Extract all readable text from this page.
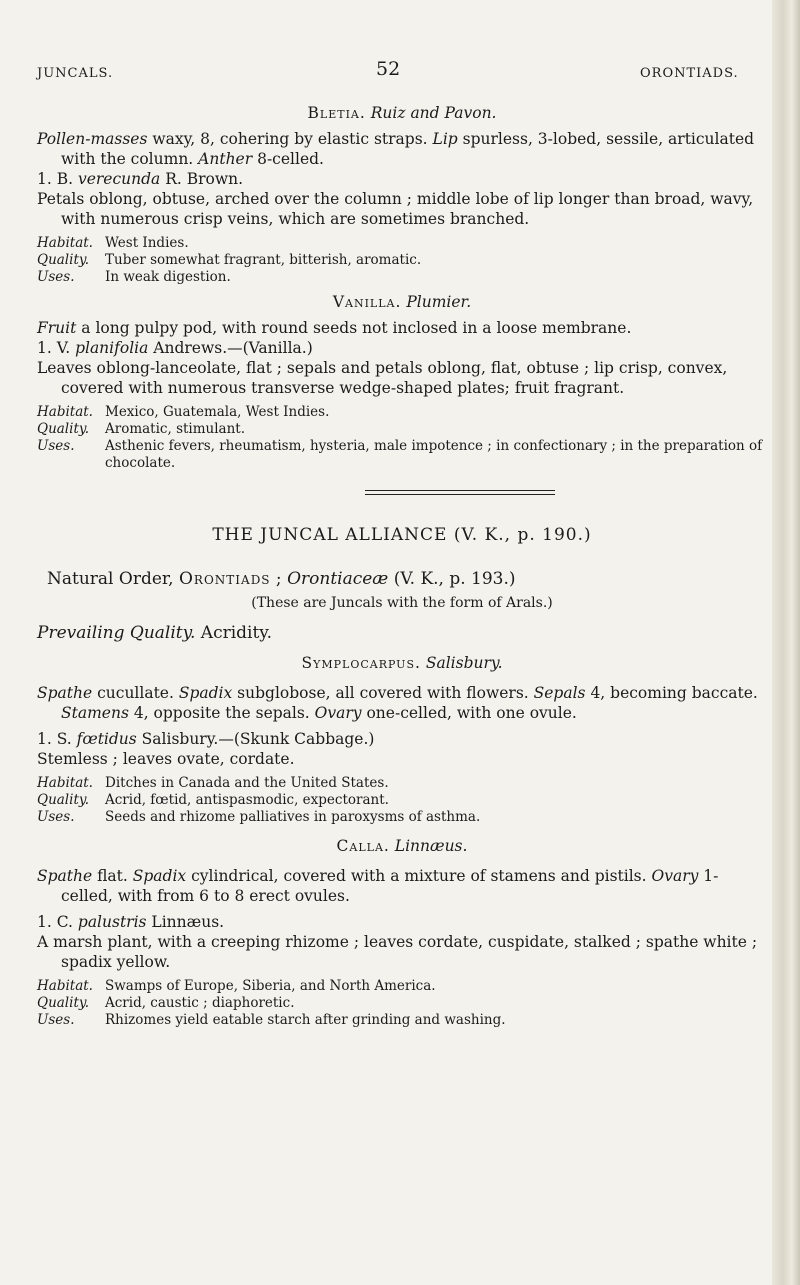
JUNCALS.	52	ORONTIADS.
Bletia. Ruiz and Pavon.

Pollen-masses waxy, 8, cohering by elastic straps. Lip spurless, 3-lobed, sessile, articulated with the column. Anther 8-celled.

1. B. verecunda R. Brown.

Petals oblong, obtuse, arched over the column ; middle lobe of lip longer than broad, wavy, with numerous crisp veins, which are sometimes branched.

Habitat. West Indies.
Quality.	Tuber somewhat fragrant, bitterish, aromatic.
Uses.	In weak digestion.
Vanilla. Plumier.

Fruit a long pulpy pod, with round seeds not inclosed in a loose membrane.

1. V. planifolia Andrews.—(Vanilla.)

Leaves oblong-lanceolate, flat ; sepals and petals oblong, flat, obtuse ; lip crisp, convex, covered with numerous transverse wedge-shaped plates; fruit fragrant.

Habitat. Mexico, Guatemala, West Indies.
Quality.	Aromatic, stimulant.
Uses.	Asthenic fevers, rheumatism, hysteria, male impotence ; in confectionary ; in the preparation of chocolate.
THE JUNCAL ALLIANCE (V. K., p. 190.)
Natural Order, Orontiads ; Orontiaceæ (V. K., p. 193.)
(These are Juncals with the form of Arals.)
Prevailing Quality. Acridity.
Symplocarpus. Salisbury.

Spathe cucullate. Spadix subglobose, all covered with flowers. Sepals 4, becoming baccate. Stamens 4, opposite the sepals. Ovary one-celled, with one ovule.

1. S. fœtidus Salisbury.—(Skunk Cabbage.)

Stemless ; leaves ovate, cordate.

Habitat. Ditches in Canada and the United States.
Quality.	Acrid, fœtid, antispasmodic, expectorant.
Uses.	Seeds and rhizome palliatives in paroxysms of asthma.
Calla. Linnæus.

Spathe flat. Spadix cylindrical, covered with a mixture of stamens and pistils. Ovary 1-celled, with from 6 to 8 erect ovules.

1. C. palustris Linnæus.

A marsh plant, with a creeping rhizome ; leaves cordate, cuspidate, stalked ; spathe white ; spadix yellow.

Habitat. Swamps of Europe, Siberia, and North America.
Quality.	Acrid, caustic ; diaphoretic.
Uses.	Rhizomes yield eatable starch after grinding and washing.
